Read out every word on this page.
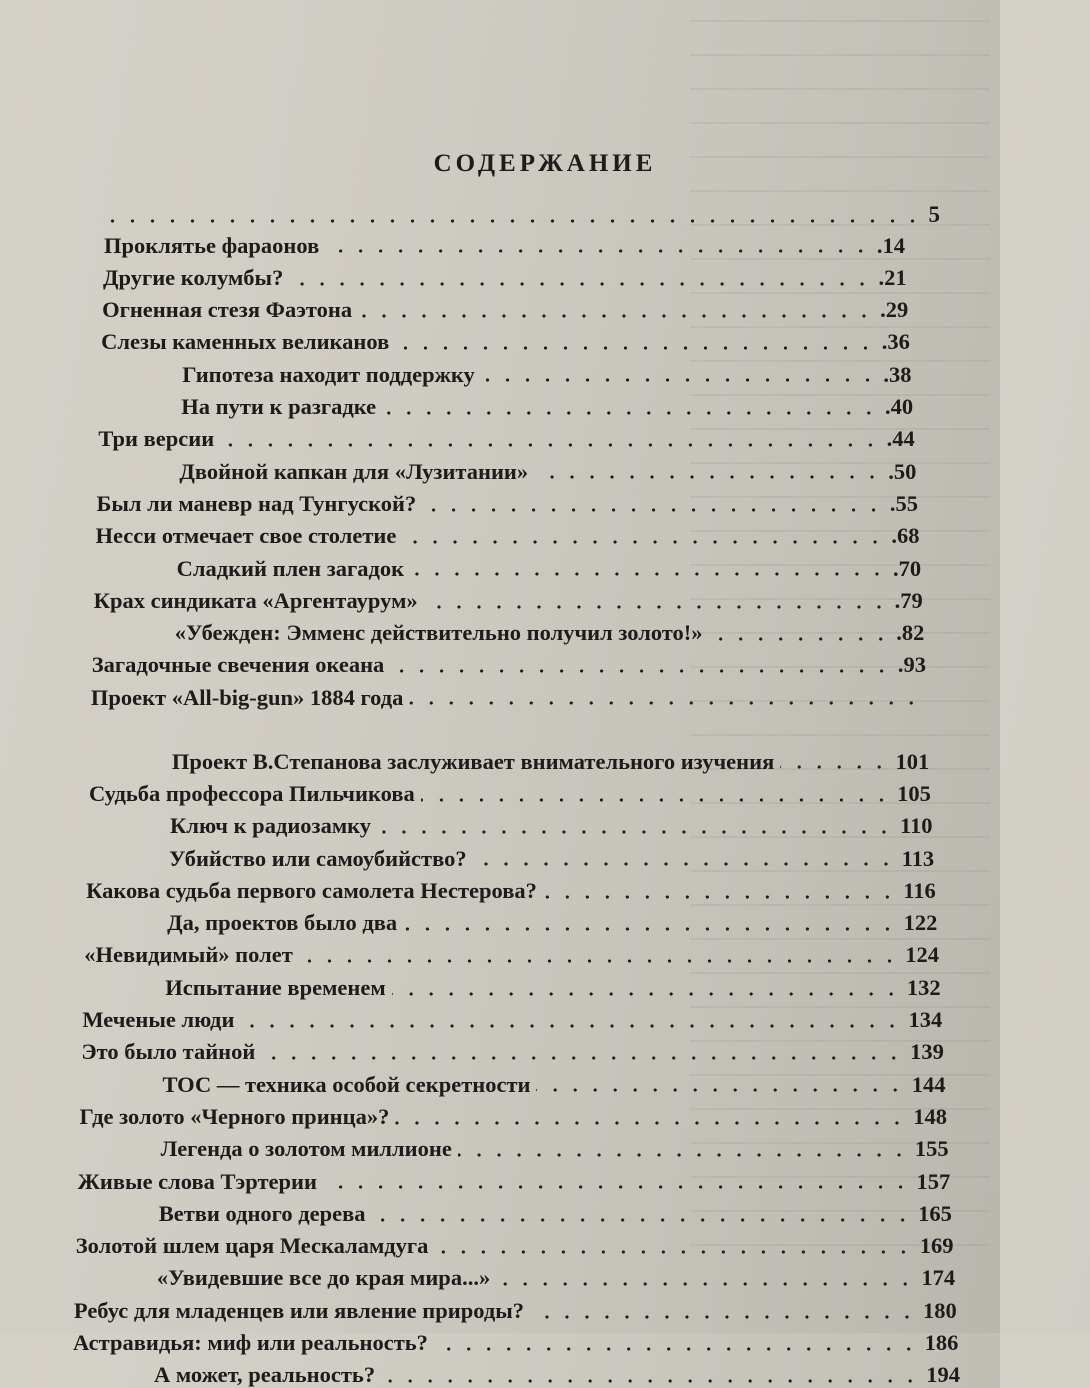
СОДЕРЖАНИЕ
5
Проклятье фараонов	.14
Другие колумбы?	.21
Огненная стезя Фаэтона	.29
Слезы каменных великанов	.36
Гипотеза находит поддержку	.38
На пути к разгадке	.40
Три версии	.44
Двойной капкан для «Лузитании»	.50
Был ли маневр над Тунгуской?	.55
Несси отмечает свое столетие	.68
Сладкий плен загадок	.70
Крах синдиката «Аргентаурум»	.79
«Убежден: Эмменс действительно получил золото!»	.82
Загадочные свечения океана	.93
Проект «All-big-gun» 1884 года
Проект В.Степанова заслуживает внимательного изучения	101
Судьба профессора Пильчикова	105
Ключ к радиозамку	110
Убийство или самоубийство?	113
Какова судьба первого самолета Нестерова?	116
Да, проектов было два	122
«Невидимый» полет	124
Испытание временем	132
Меченые люди	134
Это было тайной	139
ТОС — техника особой секретности	144
Где золото «Черного принца»?	148
Легенда о золотом миллионе	155
Живые слова Тэртерии	157
Ветви одного дерева	165
Золотой шлем царя Мескаламдуга	169
«Увидевшие все до края мира...»	174
Ребус для младенцев или явление природы?	180
Астравидья: миф или реальность?	186
А может, реальность?	194
